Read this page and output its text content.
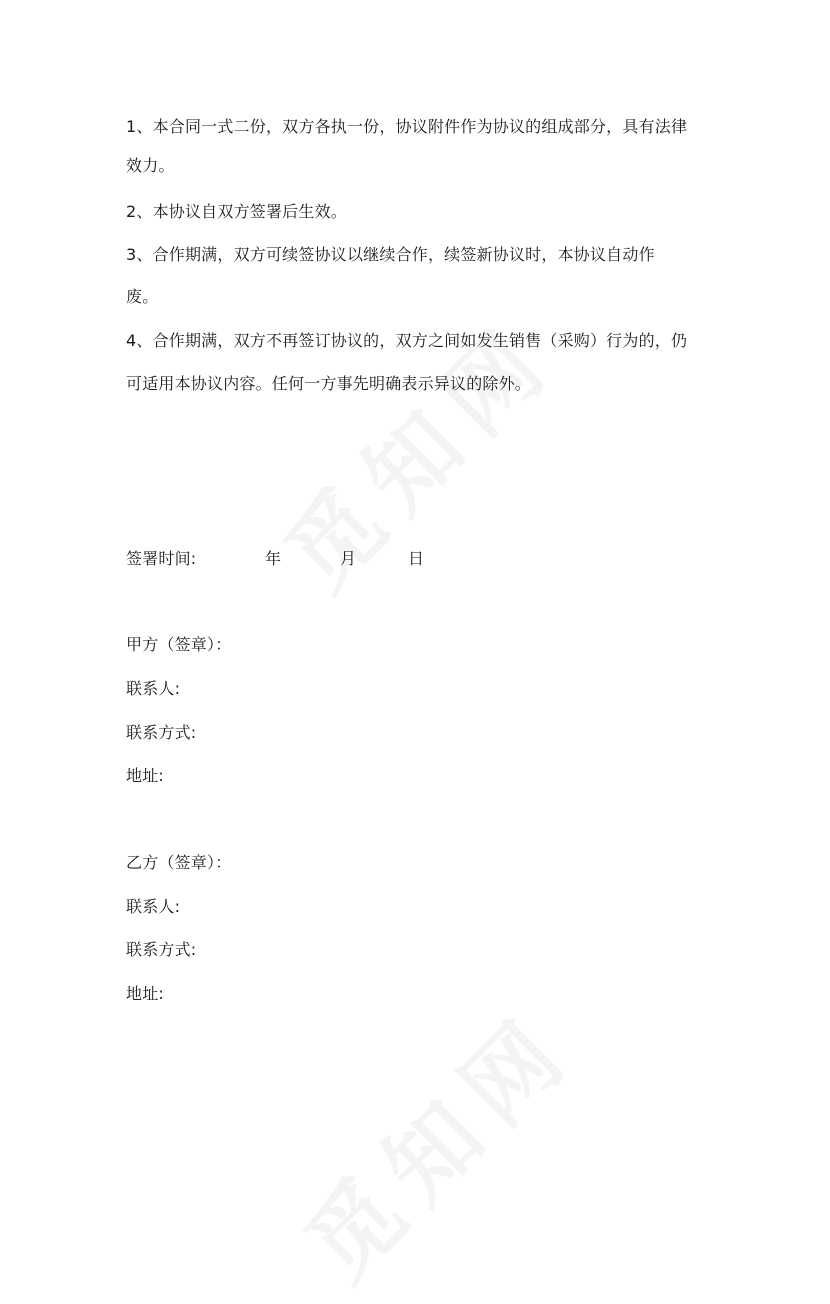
1、本合同一式二份，双方各执一份，协议附件作为协议的组成部分，具有法律
效力。
2、本协议自双方签署后生效。
3、合作期满，双方可续签协议以继续合作，续签新协议时，本协议自动作
废。
4、合作期满，双方不再签订协议的，双方之间如发生销售（采购）行为的，仍
可适用本协议内容。任何一方事先明确表示异议的除外。
签署时间:	年	月	日
甲方（签章）：
联系人:
联系方式:
地址:
乙方（签章）：
联系人:
联系方式:
地址:
